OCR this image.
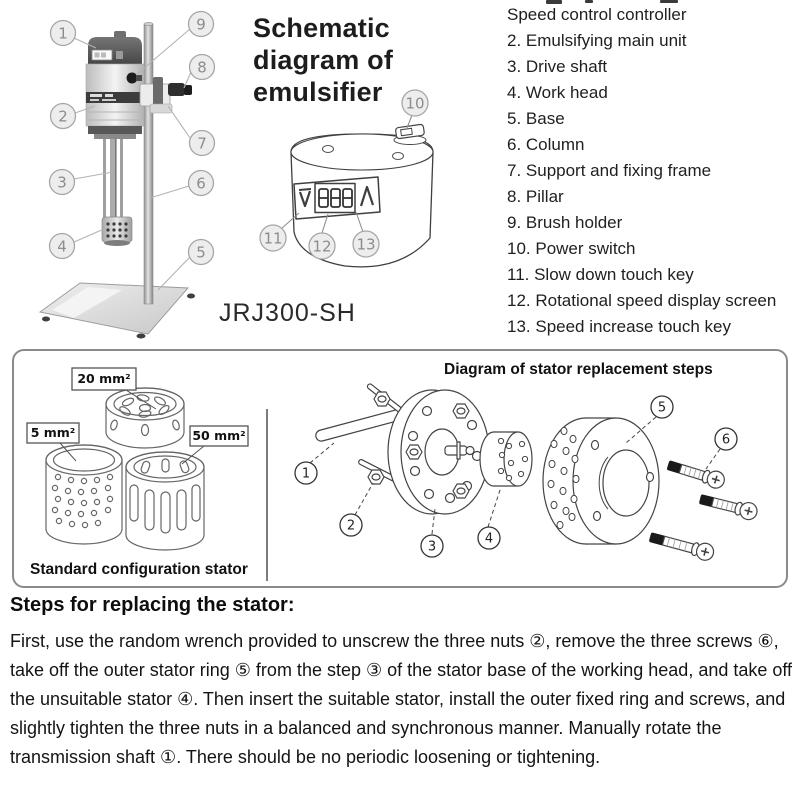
1	9
8
2
7
3	6
4	5
10
11 12 13
Schematic diagram of emulsifier
JRJ300-SH
Speed control controller
2. Emulsifying main unit
3. Drive shaft
4. Work head
5. Base
6. Column
7. Support and fixing frame
8. Pillar
9. Brush holder
10. Power switch
11. Slow down touch key
12. Rotational speed display screen
13. Speed increase touch key
20 mm²
5 mm²	50 mm²
Standard configuration stator
Diagram of stator replacement steps
1
2
3
4
5
6
Steps for replacing the stator:
First, use the random wrench provided to unscrew the three nuts ②, remove the three screws ⑥, take off the outer stator ring ⑤ from the step ③ of the stator base of the working head, and take off the unsuitable stator ④. Then insert the suitable stator, install the outer fixed ring and screws, and slightly tighten the three nuts in a balanced and synchronous manner. Manually rotate the transmission shaft ①. There should be no periodic loosening or tightening.
